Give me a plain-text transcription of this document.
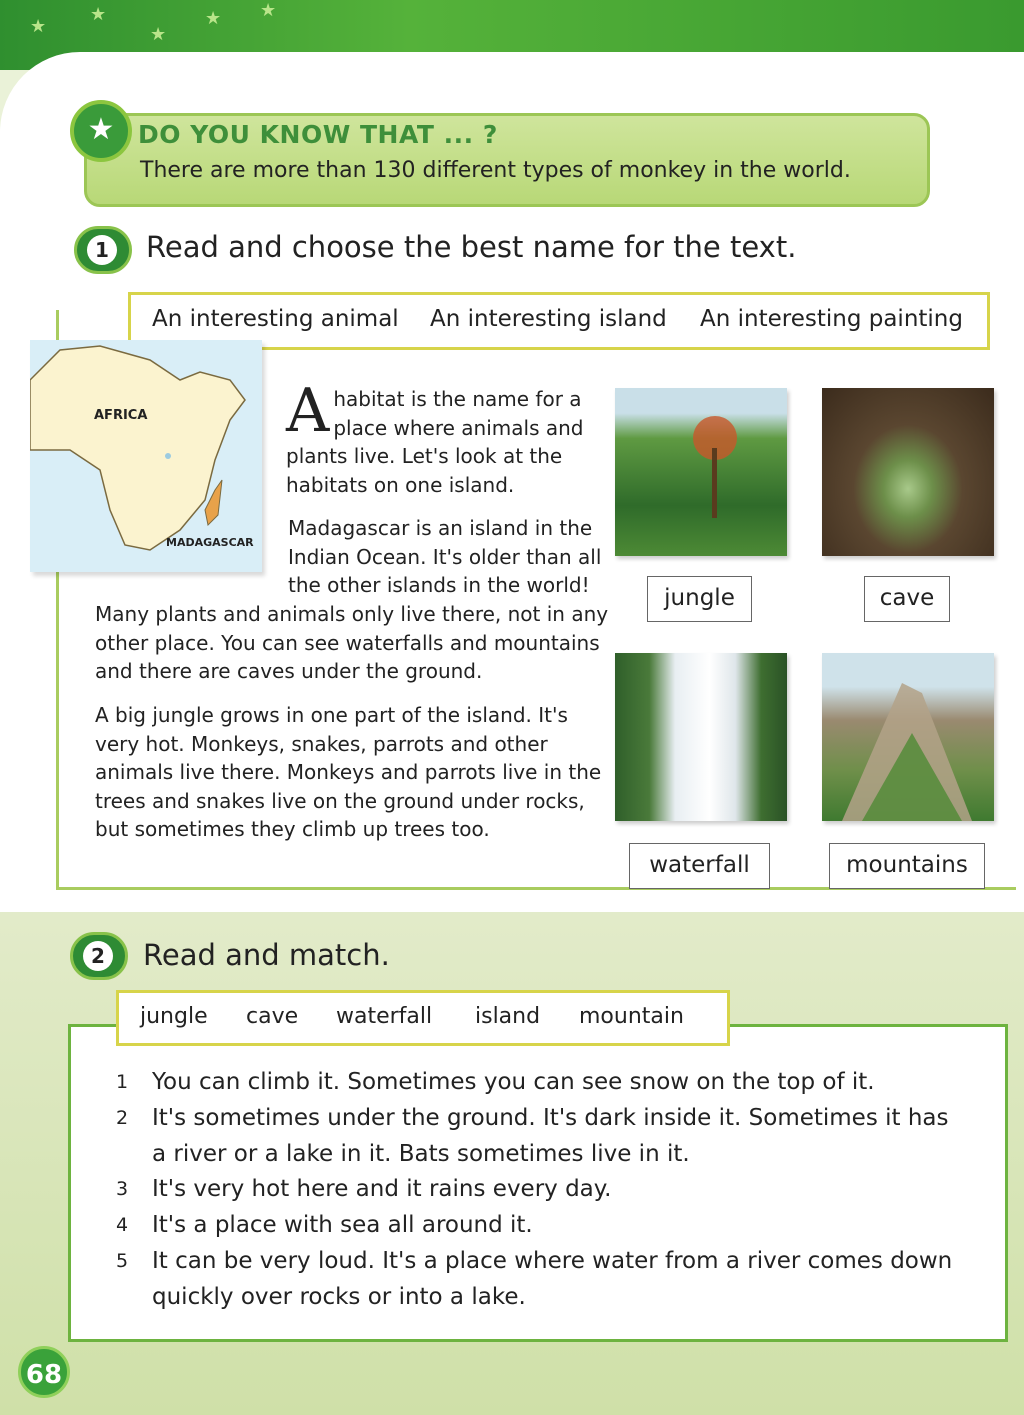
★
★
★
★ ★
★ DO YOU KNOW THAT ... ?
There are more than 130 different types of monkey in the world.
1 Read and choose the best name for the text.
An interesting animal An interesting island An interesting painting
AFRICA
MADAGASCAR
A habitat is the name for a
place where animals and
plants live. Let's look at the
habitats on one island.
Madagascar is an island in the
Indian Ocean. It's older than all
the other islands in the world!
Many plants and animals only live there, not in any
other place. You can see waterfalls and mountains
and there are caves under the ground.
A big jungle grows in one part of the island. It's
very hot. Monkeys, snakes, parrots and other
animals live there. Monkeys and parrots live in the
trees and snakes live on the ground under rocks,
but sometimes they climb up trees too.
jungle	cave
waterfall	mountains
2 Read and match.
jungle cave waterfall island mountain
1 You can climb it. Sometimes you can see snow on the top of it.
2 It's sometimes under the ground. It's dark inside it. Sometimes it has a river or a lake in it. Bats sometimes live in it.
3 It's very hot here and it rains every day.
4 It's a place with sea all around it.
5 It can be very loud. It's a place where water from a river comes down quickly over rocks or into a lake.
68
